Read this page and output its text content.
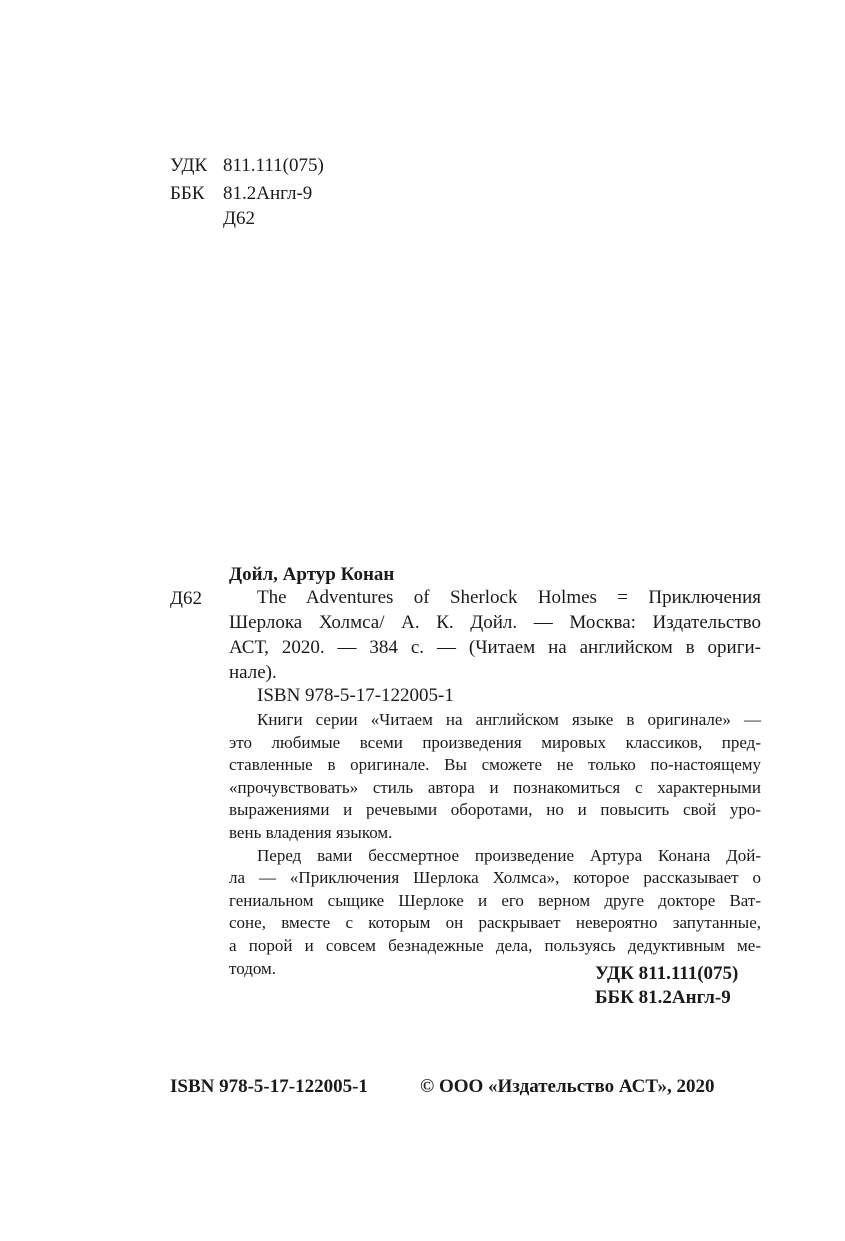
УДК 811.111(075)
ББК 81.2Англ-9
Д62
Дойл, Артур Конан
Д62	The Adventures of Sherlock Holmes = Приключения
Шерлока Холмса/ А. К. Дойл. — Москва: Издательство
АСТ, 2020. — 384 с. — (Читаем на английском в ориги-
нале).
ISBN 978-5-17-122005-1
Книги серии «Читаем на английском языке в оригинале» —
это любимые всеми произведения мировых классиков, пред-
ставленные в оригинале. Вы сможете не только по-настоящему
«прочувствовать» стиль автора и познакомиться с характерными
выражениями и речевыми оборотами, но и повысить свой уро-
вень владения языком.
Перед вами бессмертное произведение Артура Конана Дой-
ла — «Приключения Шерлока Холмса», которое рассказывает о
гениальном сыщике Шерлоке и его верном друге докторе Ват-
соне, вместе с которым он раскрывает невероятно запутанные,
а порой и совсем безнадежные дела, пользуясь дедуктивным ме-
тодом.	УДК 811.111(075)
ББК 81.2Англ-9
ISBN 978-5-17-122005-1	© ООО «Издательство АСТ», 2020
